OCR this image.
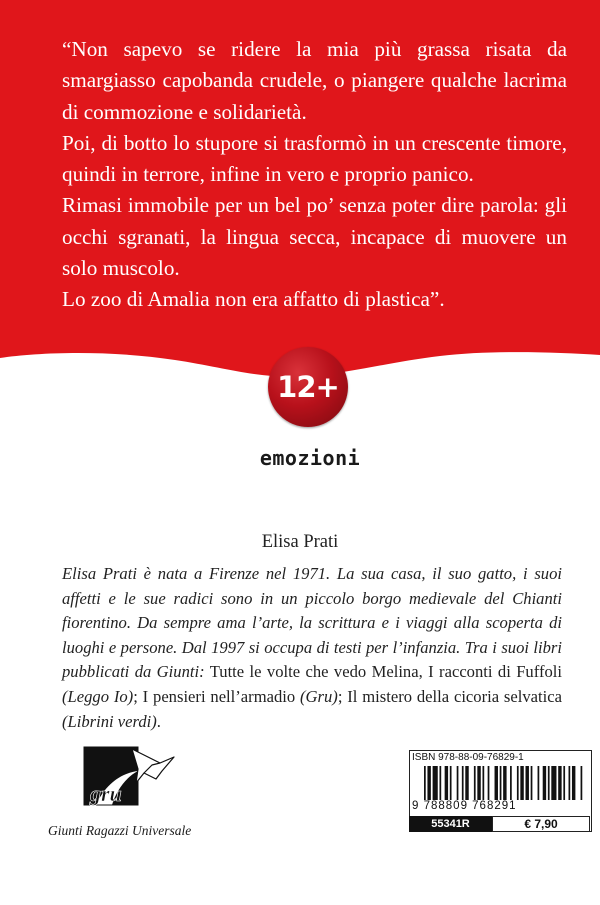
“Non sapevo se ridere la mia più grassa risata da smargiasso capobanda crudele, o piangere qualche lacrima di commozione e solidarietà.

Poi, di botto lo stupore si trasformò in un crescente timore, quindi in terrore, infine in vero e proprio panico.

Rimasi immobile per un bel po’ senza poter dire parola: gli occhi sgranati, la lingua secca, incapace di muovere un solo muscolo.

Lo zoo di Amalia non era affatto di plastica”.

12+
emozioni
Elisa Prati
Elisa Prati è nata a Firenze nel 1971. La sua casa, il suo gatto, i suoi affetti e le sue radici sono in un piccolo borgo medievale del Chianti fiorentino. Da sempre ama l’arte, la scrittura e i viaggi alla scoperta di luoghi e persone. Dal 1997 si occupa di testi per l’infanzia. Tra i suoi libri pubblicati da Giunti: Tutte le volte che vedo Melina, I racconti di Fuffoli (Leggo Io); I pensieri nell’armadio (Gru); Il mistero della cicoria selvatica (Librini verdi).
gru
Giunti Ragazzi Universale
ISBN 978-88-09-76829-1
9 788809 768291
55341R	€ 7,90
